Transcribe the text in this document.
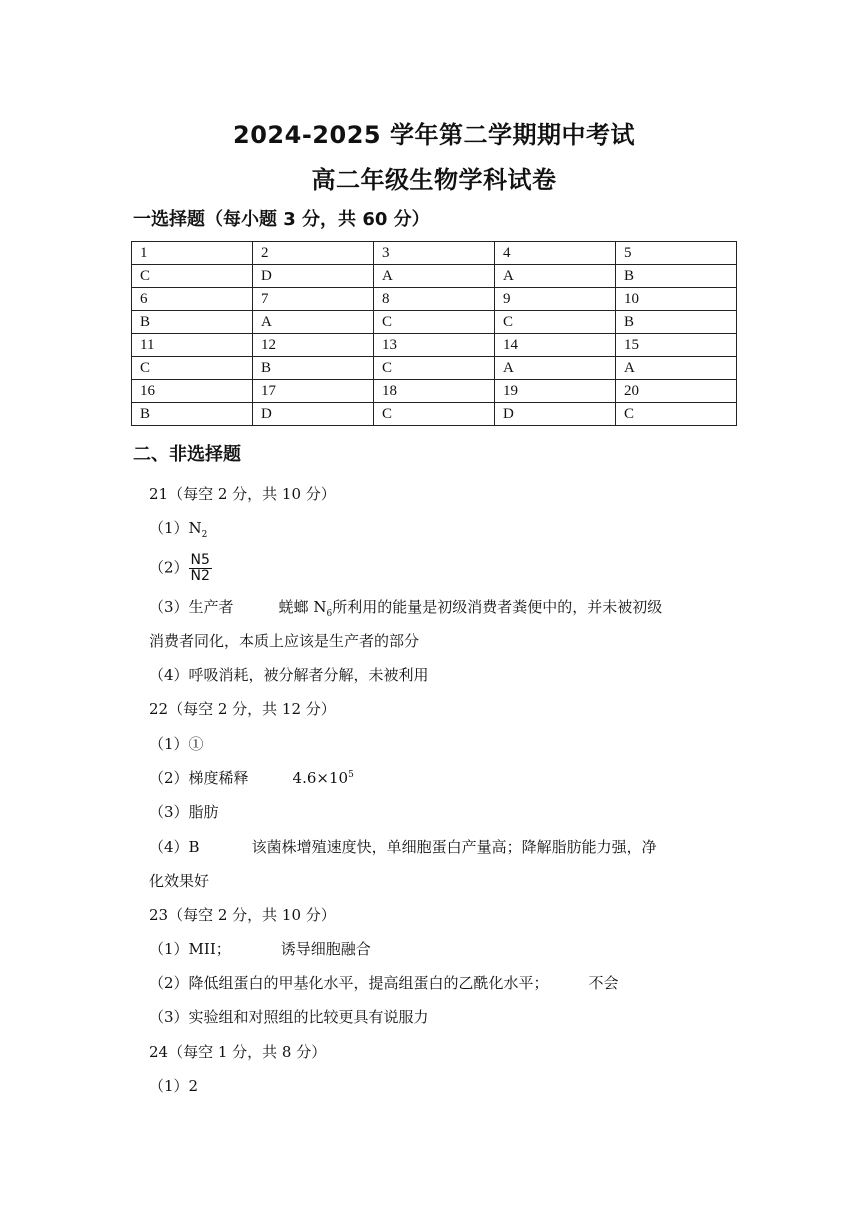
2024-2025 学年第二学期期中考试
高二年级生物学科试卷
一选择题（每小题 3 分，共 60 分）
1	2	3	4	5
C	D	A	A	B
6	7	8	9	10
B	A	C	C	B
11	12	13	14	15
C	B	C	A	A
16	17	18	19	20
B	D	C	D	C
二、非选择题
21（每空 2 分，共 10 分）
$(1)N_2$
$(2) \frac{N5}{N2}$
（3）生产者	蜣螂 $N_6$所利用的能量是初级消费者粪便中的，并未被初级
消费者同化，本质上应该是生产者的部分
（4）呼吸消耗，被分解者分解，未被利用
22（每空 2 分，共 12 分）
（1）①
（2）梯度稀释	$4.6\times 10^5$
（3）脂肪
（4）B	该菌株增殖速度快，单细胞蛋白产量高；降解脂肪能力强，净
化效果好
23（每空 2 分，共 10 分）
（1）MII；	诱导细胞融合
（2）降低组蛋白的甲基化水平，提高组蛋白的乙酰化水平；	不会
（3）实验组和对照组的比较更具有说服力
24（每空 1 分，共 8 分）
（1）2
